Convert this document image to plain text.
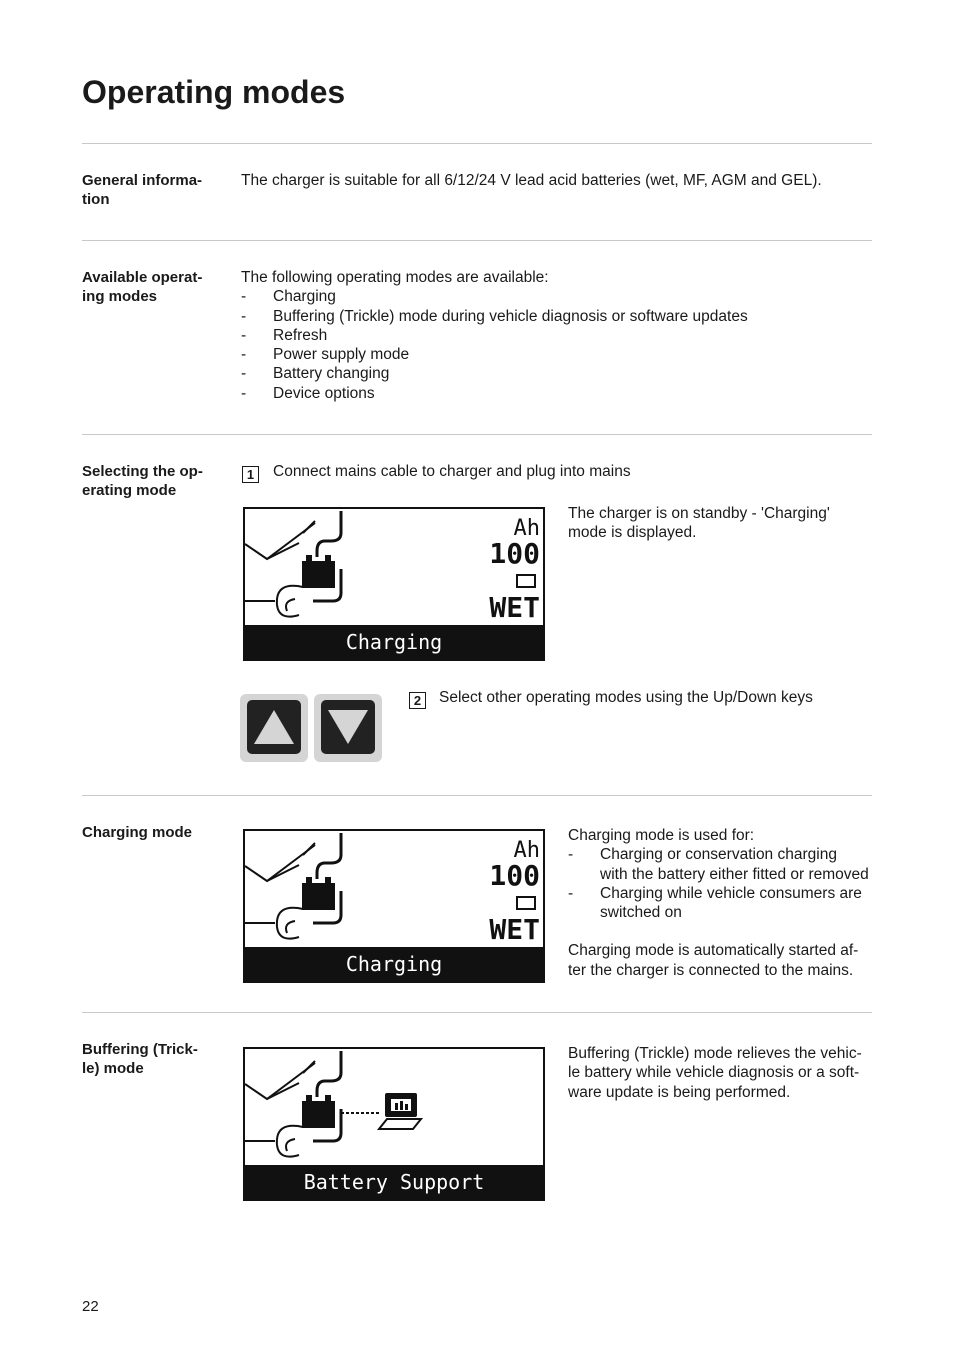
Operating modes
General informa-
tion
The charger is suitable for all 6/12/24 V lead acid batteries (wet, MF, AGM and GEL).
Available operat-
ing modes
The following operating modes are available:
- Charging
- Buffering (Trickle) mode during vehicle diagnosis or software updates
- Refresh
- Power supply mode
- Battery changing
- Device options
Selecting the op-
erating mode
1	Connect mains cable to charger and plug into mains
Ah
100
WET
Charging
The charger is on standby - 'Charging'
mode is displayed.
2	Select other operating modes using the Up/Down keys
Charging mode
Ah
100
WET
Charging
Charging mode is used for:
- Charging or conservation charging
with the battery either fitted or removed
- Charging while vehicle consumers are
switched on
Charging mode is automatically started af-
ter the charger is connected to the mains.
Buffering (Trick-
le) mode
Battery Support
Buffering (Trickle) mode relieves the vehic-
le battery while vehicle diagnosis or a soft-
ware update is being performed.
22
